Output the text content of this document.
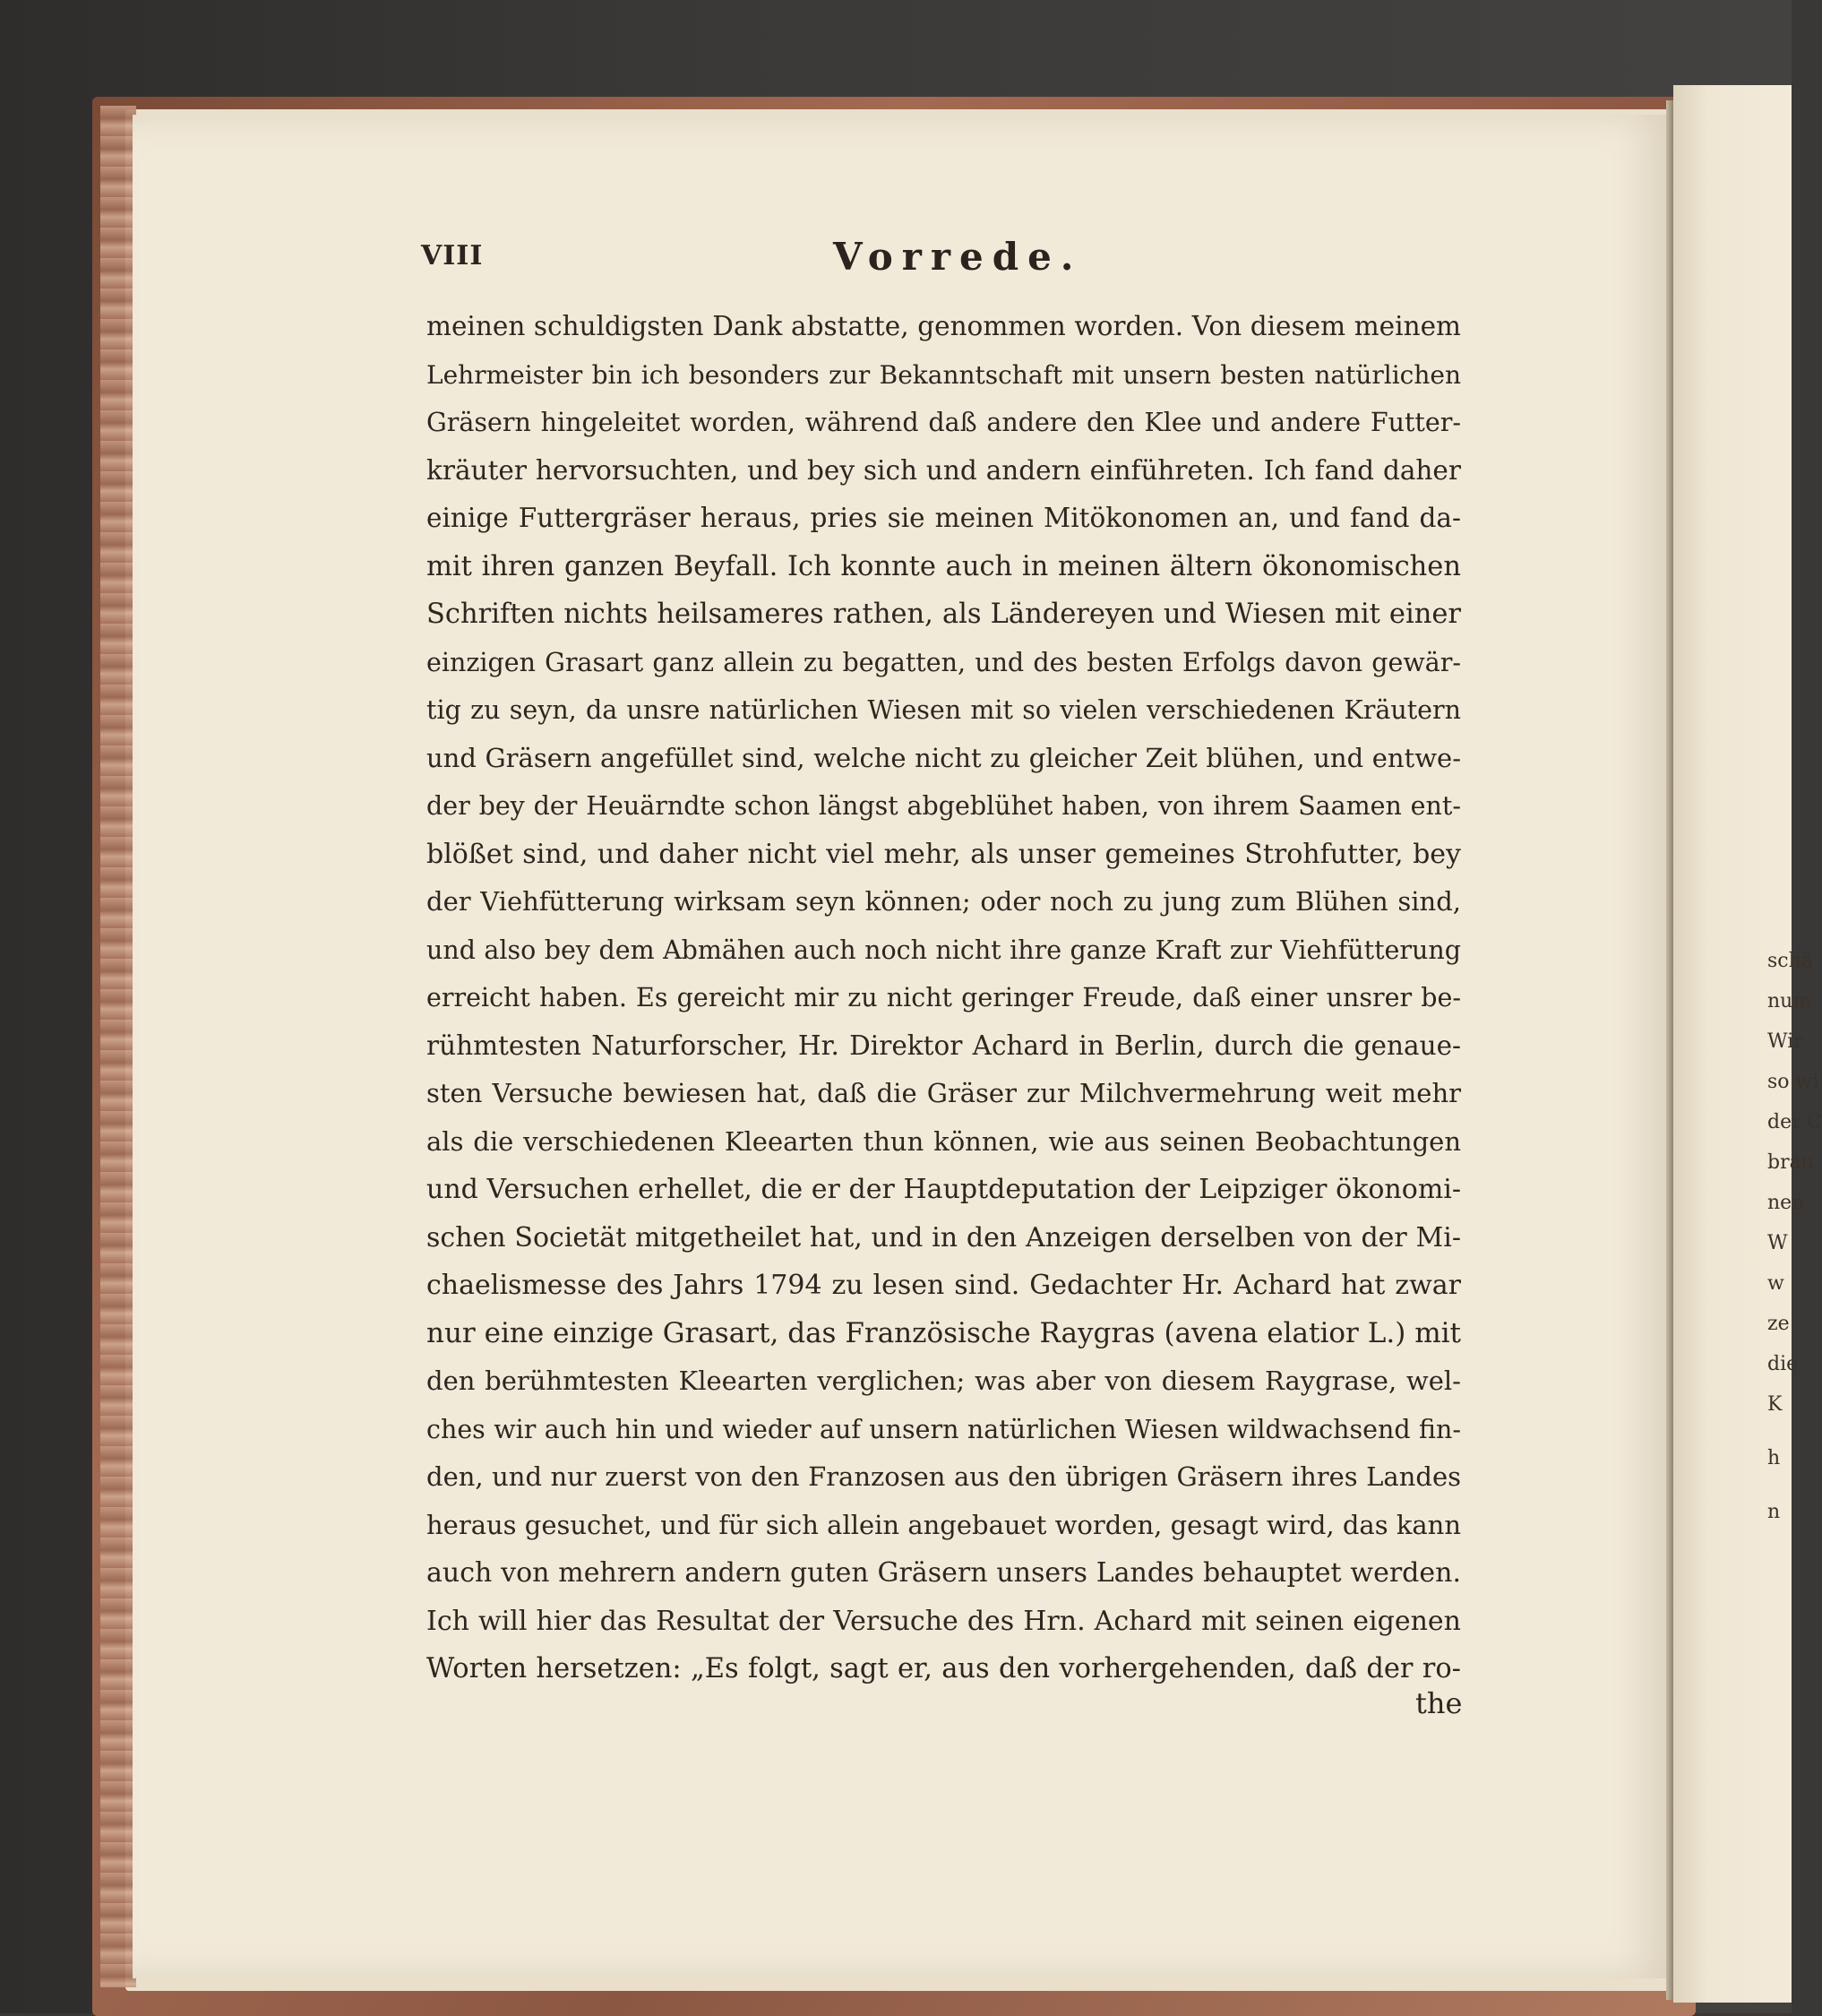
schä
num
Wir
so wi
der C
brau
nen
W
w
ze
die
K
h
n
VIII	Vorrede.
meinen schuldigsten Dank abstatte, genommen worden. Von diesem meinem
Lehrmeister bin ich besonders zur Bekanntschaft mit unsern besten natürlichen
Gräsern hingeleitet worden, während daß andere den Klee und andere Futter-
kräuter hervorsuchten, und bey sich und andern einführeten. Ich fand daher
einige Futtergräser heraus, pries sie meinen Mitökonomen an, und fand da-
mit ihren ganzen Beyfall. Ich konnte auch in meinen ältern ökonomischen
Schriften nichts heilsameres rathen, als Ländereyen und Wiesen mit einer
einzigen Grasart ganz allein zu begatten, und des besten Erfolgs davon gewär-
tig zu seyn, da unsre natürlichen Wiesen mit so vielen verschiedenen Kräutern
und Gräsern angefüllet sind, welche nicht zu gleicher Zeit blühen, und entwe-
der bey der Heuärndte schon längst abgeblühet haben, von ihrem Saamen ent-
blößet sind, und daher nicht viel mehr, als unser gemeines Strohfutter, bey
der Viehfütterung wirksam seyn können; oder noch zu jung zum Blühen sind,
und also bey dem Abmähen auch noch nicht ihre ganze Kraft zur Viehfütterung
erreicht haben. Es gereicht mir zu nicht geringer Freude, daß einer unsrer be-
rühmtesten Naturforscher, Hr. Direktor Achard in Berlin, durch die genaue-
sten Versuche bewiesen hat, daß die Gräser zur Milchvermehrung weit mehr
als die verschiedenen Kleearten thun können, wie aus seinen Beobachtungen
und Versuchen erhellet, die er der Hauptdeputation der Leipziger ökonomi-
schen Societät mitgetheilet hat, und in den Anzeigen derselben von der Mi-
chaelismesse des Jahrs 1794 zu lesen sind. Gedachter Hr. Achard hat zwar
nur eine einzige Grasart, das Französische Raygras (avena elatior L.) mit
den berühmtesten Kleearten verglichen; was aber von diesem Raygrase, wel-
ches wir auch hin und wieder auf unsern natürlichen Wiesen wildwachsend fin-
den, und nur zuerst von den Franzosen aus den übrigen Gräsern ihres Landes
heraus gesuchet, und für sich allein angebauet worden, gesagt wird, das kann
auch von mehrern andern guten Gräsern unsers Landes behauptet werden.
Ich will hier das Resultat der Versuche des Hrn. Achard mit seinen eigenen
Worten hersetzen: „Es folgt, sagt er, aus den vorhergehenden, daß der ro-
the
